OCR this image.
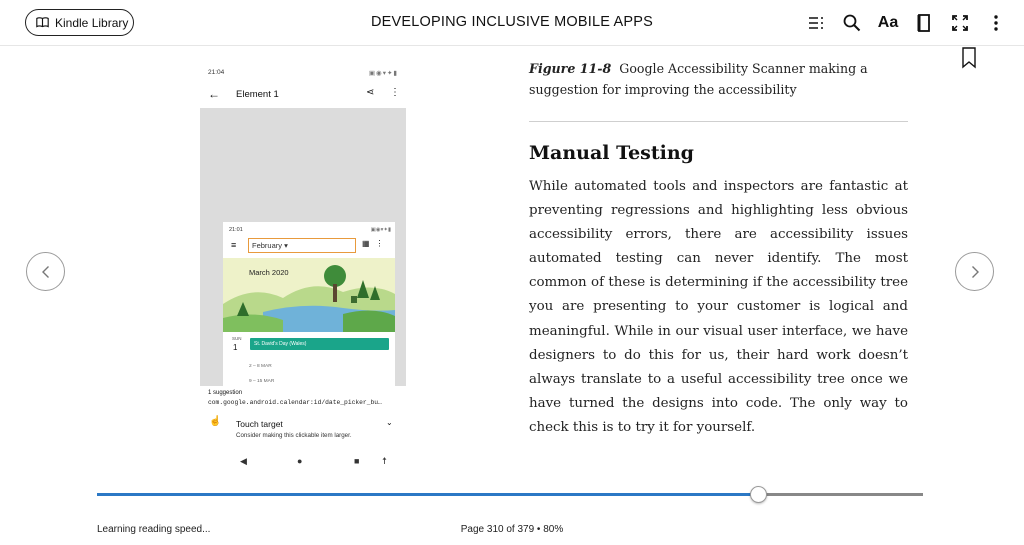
Kindle Library	DEVELOPING INCLUSIVE MOBILE APPS	Aa
21:04	▣◉▾✦▮
← Element 1	⋖ ⋮
21:01	▣◉▾✦▮
≡	February ▾	▦⋮
March 2020
SUN
1	St. David's Day (Wales)
2 – 8 MAR
9 – 15 MAR
1 suggestion
com.google.android.calendar:id/date_picker_bu…
☝ Touch target
Consider making this clickable item larger.
⌄
◀	●	■	☨

Figure 11-8 Google Accessibility Scanner making a suggestion for improving the accessibility

Manual Testing
While automated tools and inspectors are fantastic at preventing regressions and highlighting less obvious accessibility errors, there are accessibility issues automated testing can never identify. The most common of these is determining if the accessibility tree you are presenting to your customer is logical and meaningful. While in our visual user interface, we have designers to do this for us, their hard work doesn’t always translate to a useful accessibility tree once we have turned the designs into code. The only way to check this is to try it for yourself.
Learning reading speed...	Page 310 of 379 • 80%
